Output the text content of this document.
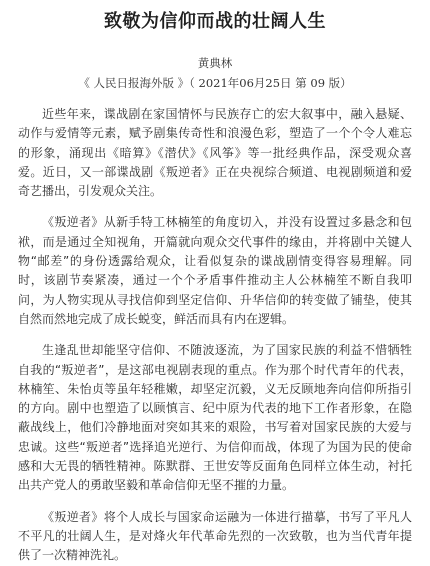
致敬为信仰而战的壮阔人生
黄典林
《 人民日报海外版 》（ 2021年06月25日 第 09 版）

近些年来，谍战剧在家国情怀与民族存亡的宏大叙事中，融入悬疑、动作与爱情等元素，赋予剧集传奇性和浪漫色彩，塑造了一个个令人难忘的形象，涌现出《暗算》《潜伏》《风筝》等一批经典作品，深受观众喜爱。近日，又一部谍战剧《叛逆者》正在央视综合频道、电视剧频道和爱奇艺播出，引发观众关注。

《叛逆者》从新手特工林楠笙的角度切入，并没有设置过多悬念和包袱，而是通过全知视角，开篇就向观众交代事件的缘由，并将剧中关键人物“邮差”的身份透露给观众，让看似复杂的谍战剧情变得容易理解。同时，该剧节奏紧凑，通过一个个矛盾事件推动主人公林楠笙不断自我叩问，为人物实现从寻找信仰到坚定信仰、升华信仰的转变做了铺垫，使其自然而然地完成了成长蜕变，鲜活而具有内在逻辑。

生逢乱世却能坚守信仰、不随波逐流，为了国家民族的利益不惜牺牲自我的“叛逆者”，是这部电视剧表现的重点。作为那个时代青年的代表，林楠笙、朱怡贞等虽年轻稚嫩，却坚定沉毅，义无反顾地奔向信仰所指引的方向。剧中也塑造了以顾慎言、纪中原为代表的地下工作者形象，在隐蔽战线上，他们冷静地面对突如其来的艰险，书写着对国家民族的大爱与忠诚。这些“叛逆者”选择追光逆行、为信仰而战，体现了为国为民的使命感和大无畏的牺牲精神。陈默群、王世安等反面角色同样立体生动，衬托出共产党人的勇敢坚毅和革命信仰无坚不摧的力量。

《叛逆者》将个人成长与国家命运融为一体进行描摹，书写了平凡人不平凡的壮阔人生，是对烽火年代革命先烈的一次致敬，也为当代青年提供了一次精神洗礼。
